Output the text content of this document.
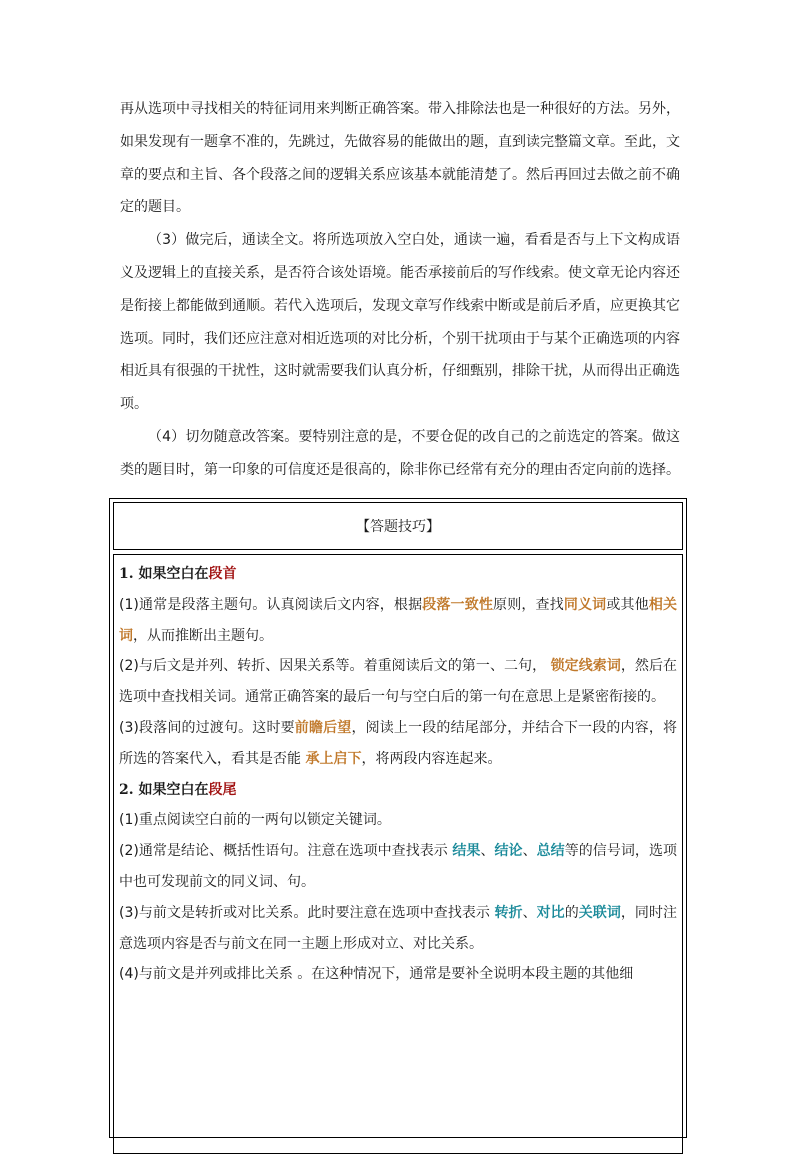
再从选项中寻找相关的特征词用来判断正确答案。带入排除法也是一种很好的方法。另外，如果发现有一题拿不准的，先跳过，先做容易的能做出的题，直到读完整篇文章。至此，文章的要点和主旨、各个段落之间的逻辑关系应该基本就能清楚了。然后再回过去做之前不确定的题目。

（3）做完后，通读全文。将所选项放入空白处，通读一遍，看看是否与上下文构成语义及逻辑上的直接关系，是否符合该处语境。能否承接前后的写作线索。使文章无论内容还是衔接上都能做到通顺。若代入选项后，发现文章写作线索中断或是前后矛盾，应更换其它选项。同时，我们还应注意对相近选项的对比分析，个别干扰项由于与某个正确选项的内容相近具有很强的干扰性，这时就需要我们认真分析，仔细甄别，排除干扰，从而得出正确选项。

（4）切勿随意改答案。要特别注意的是，不要仓促的改自己的之前选定的答案。做这类的题目时，第一印象的可信度还是很高的，除非你已经常有充分的理由否定向前的选择。

【答题技巧】

1. 如果空白在段首

(1)通常是段落主题句。认真阅读后文内容，根据段落一致性原则，查找同义词或其他相关词，从而推断出主题句。

(2)与后文是并列、转折、因果关系等。着重阅读后文的第一、二句， 锁定线索词，然后在选项中查找相关词。通常正确答案的最后一句与空白后的第一句在意思上是紧密衔接的。

(3)段落间的过渡句。这时要前瞻后望，阅读上一段的结尾部分，并结合下一段的内容，将所选的答案代入，看其是否能 承上启下，将两段内容连起来。

2. 如果空白在段尾

(1)重点阅读空白前的一两句以锁定关键词。

(2)通常是结论、概括性语句。注意在选项中查找表示 结果、结论、总结等的信号词，选项中也可发现前文的同义词、句。

(3)与前文是转折或对比关系。此时要注意在选项中查找表示 转折、对比的关联词，同时注意选项内容是否与前文在同一主题上形成对立、对比关系。

(4)与前文是并列或排比关系 。在这种情况下，通常是要补全说明本段主题的其他细
